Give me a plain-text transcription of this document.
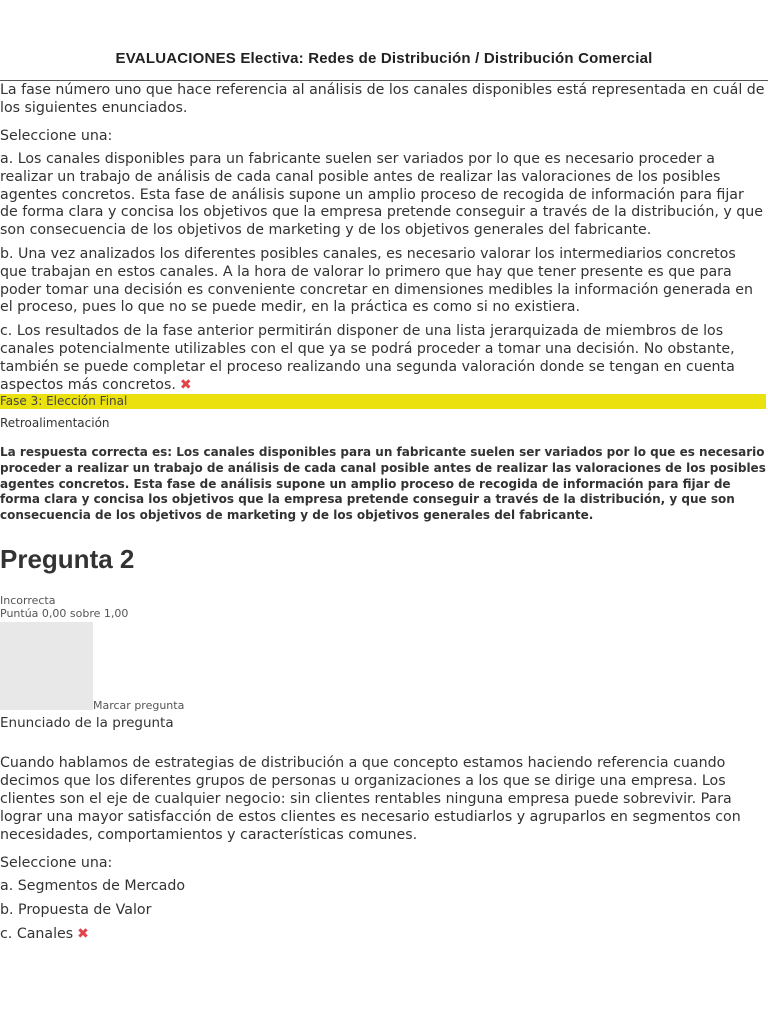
EVALUACIONES Electiva: Redes de Distribución / Distribución Comercial

La fase número uno que hace referencia al análisis de los canales disponibles está representada en cuál de los siguientes enunciados.

Seleccione una:
a. Los canales disponibles para un fabricante suelen ser variados por lo que es necesario proceder a realizar un trabajo de análisis de cada canal posible antes de realizar las valoraciones de los posibles agentes concretos. Esta fase de análisis supone un amplio proceso de recogida de información para fijar de forma clara y concisa los objetivos que la empresa pretende conseguir a través de la distribución, y que son consecuencia de los objetivos de marketing y de los objetivos generales del fabricante.
b. Una vez analizados los diferentes posibles canales, es necesario valorar los intermediarios concretos que trabajan en estos canales. A la hora de valorar lo primero que hay que tener presente es que para poder tomar una decisión es conveniente concretar en dimensiones medibles la información generada en el proceso, pues lo que no se puede medir, en la práctica es como si no existiera.
c. Los resultados de la fase anterior permitirán disponer de una lista jerarquizada de miembros de los canales potencialmente utilizables con el que ya se podrá proceder a tomar una decisión. No obstante, también se puede completar el proceso realizando una segunda valoración donde se tengan en cuenta aspectos más concretos. ✖
Fase 3: Elección Final
Retroalimentación
La respuesta correcta es: Los canales disponibles para un fabricante suelen ser variados por lo que es necesario proceder a realizar un trabajo de análisis de cada canal posible antes de realizar las valoraciones de los posibles agentes concretos. Esta fase de análisis supone un amplio proceso de recogida de información para fijar de forma clara y concisa los objetivos que la empresa pretende conseguir a través de la distribución, y que son consecuencia de los objetivos de marketing y de los objetivos generales del fabricante.
Pregunta 2
Incorrecta
Puntúa 0,00 sobre 1,00
Marcar pregunta
Enunciado de la pregunta

Cuando hablamos de estrategias de distribución a que concepto estamos haciendo referencia cuando decimos que los diferentes grupos de personas u organizaciones a los que se dirige una empresa. Los clientes son el eje de cualquier negocio: sin clientes rentables ninguna empresa puede sobrevivir. Para lograr una mayor satisfacción de estos clientes es necesario estudiarlos y agruparlos en segmentos con necesidades, comportamientos y características comunes.

Seleccione una:
a. Segmentos de Mercado
b. Propuesta de Valor
c. Canales ✖
